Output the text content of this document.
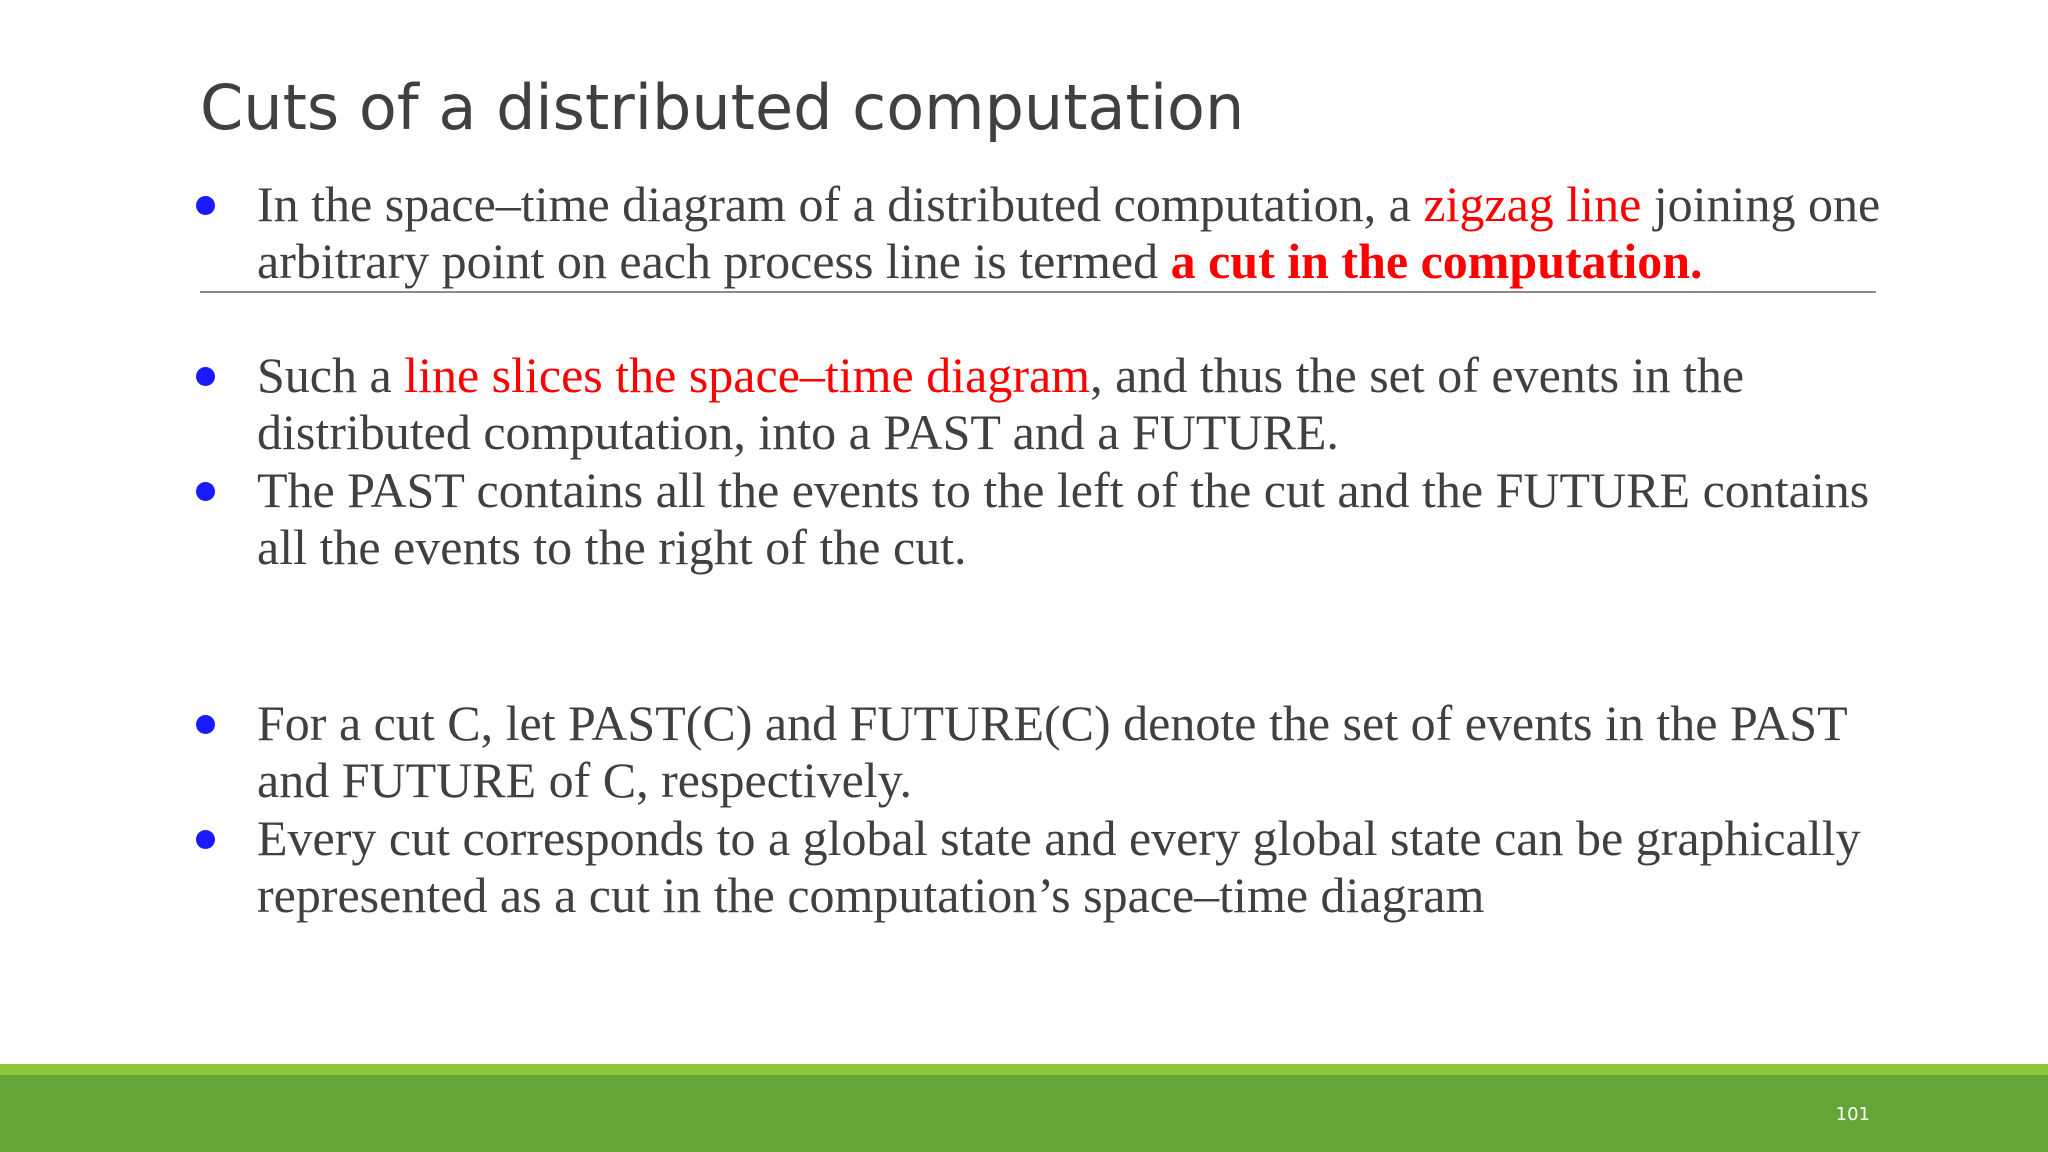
Cuts of a distributed computation
In the space–time diagram of a distributed computation, a zigzag line joining one arbitrary point on each process line is termed a cut in the computation.
Such a line slices the space–time diagram, and thus the set of events in the distributed computation, into a PAST and a FUTURE.
The PAST contains all the events to the left of the cut and the FUTURE contains all the events to the right of the cut.
For a cut C, let PAST(C) and FUTURE(C) denote the set of events in the PAST and FUTURE of C, respectively.
Every cut corresponds to a global state and every global state can be graphically represented as a cut in the computation’s space–time diagram
101
